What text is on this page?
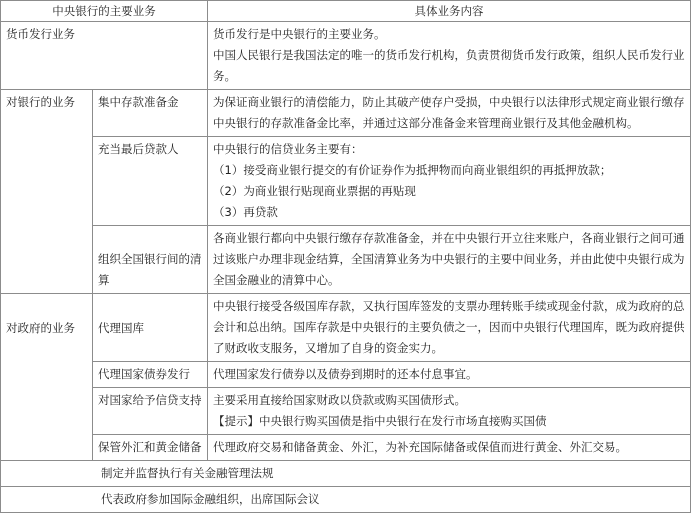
中央银行的主要业务		具体业务内容
货币发行业务		货币发行是中央银行的主要业务。
中国人民银行是我国法定的唯一的货币发行机构，负责贯彻货币发行政策，组织人民币发行业务。

对银行的业务	集中存款准备金	为保证商业银行的清偿能力，防止其破产使存户受损，中央银行以法律形式规定商业银行缴存中央银行的存款准备金比率，并通过这部分准备金来管理商业银行及其他金融机构。
	充当最后贷款人	中央银行的信贷业务主要有：
（1）接受商业银行提交的有价证券作为抵押物而向商业银组织的再抵押放款；
（2）为商业银行贴现商业票据的再贴现
（3）再贷款

	组织全国银行间的清算	各商业银行都向中央银行缴存存款准备金，并在中央银行开立往来账户，各商业银行之间可通过该账户办理非现金结算，全国清算业务为中央银行的主要中间业务，并由此使中央银行成为全国金融业的清算中心。
对政府的业务	代理国库	中央银行接受各级国库存款，又执行国库签发的支票办理转账手续或现金付款，成为政府的总会计和总出纳。国库存款是中央银行的主要负债之一，因而中央银行代理国库，既为政府提供了财政收支服务，又增加了自身的资金实力。
	代理国家债券发行	代理国家发行债券以及债券到期时的还本付息事宜。
	对国家给予信贷支持	主要采用直接给国家财政以贷款或购买国债形式。
【提示】中央银行购买国债是指中央银行在发行市场直接购买国债

	保管外汇和黄金储备	代理政府交易和储备黄金、外汇，为补充国际储备或保值而进行黄金、外汇交易。
制定并监督执行有关金融管理法规		
代表政府参加国际金融组织，出席国际会议		
